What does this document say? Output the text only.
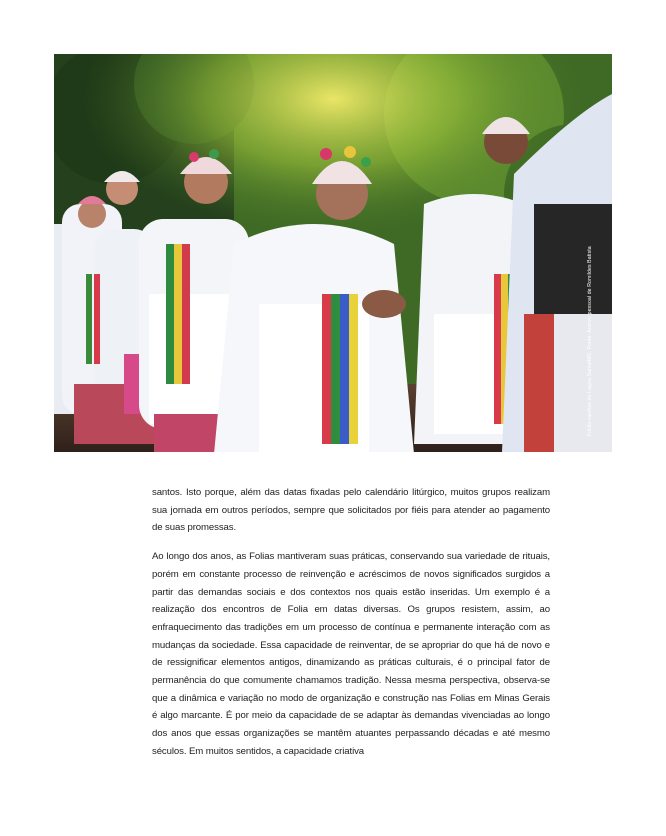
Foliãs-rainhas de Lagoa Santa/MG. Fonte: Acervo pessoal de Romildes Batista

santos. Isto porque, além das datas fixadas pelo calendário litúrgico, muitos grupos realizam sua jornada em outros períodos, sempre que solicitados por fiéis para atender ao pagamento de suas promessas.

Ao longo dos anos, as Folias mantiveram suas práticas, conservando sua variedade de rituais, porém em constante processo de reinvenção e acréscimos de novos significados surgidos a partir das demandas sociais e dos contextos nos quais estão inseridas. Um exemplo é a realização dos encontros de Folia em datas diversas. Os grupos resistem, assim, ao enfraquecimento das tradições em um processo de contínua e permanente interação com as mudanças da sociedade. Essa capacidade de reinventar, de se apropriar do que há de novo e de ressignificar elementos antigos, dinamizando as práticas culturais, é o principal fator de permanência do que comumente chamamos tradição. Nessa mesma perspectiva, observa-se que a dinâmica e variação no modo de organização e construção nas Folias em Minas Gerais é algo marcante. É por meio da capacidade de se adaptar às demandas vivenciadas ao longo dos anos que essas organizações se mantêm atuantes perpassando décadas e até mesmo séculos. Em muitos sentidos, a capacidade criativa
